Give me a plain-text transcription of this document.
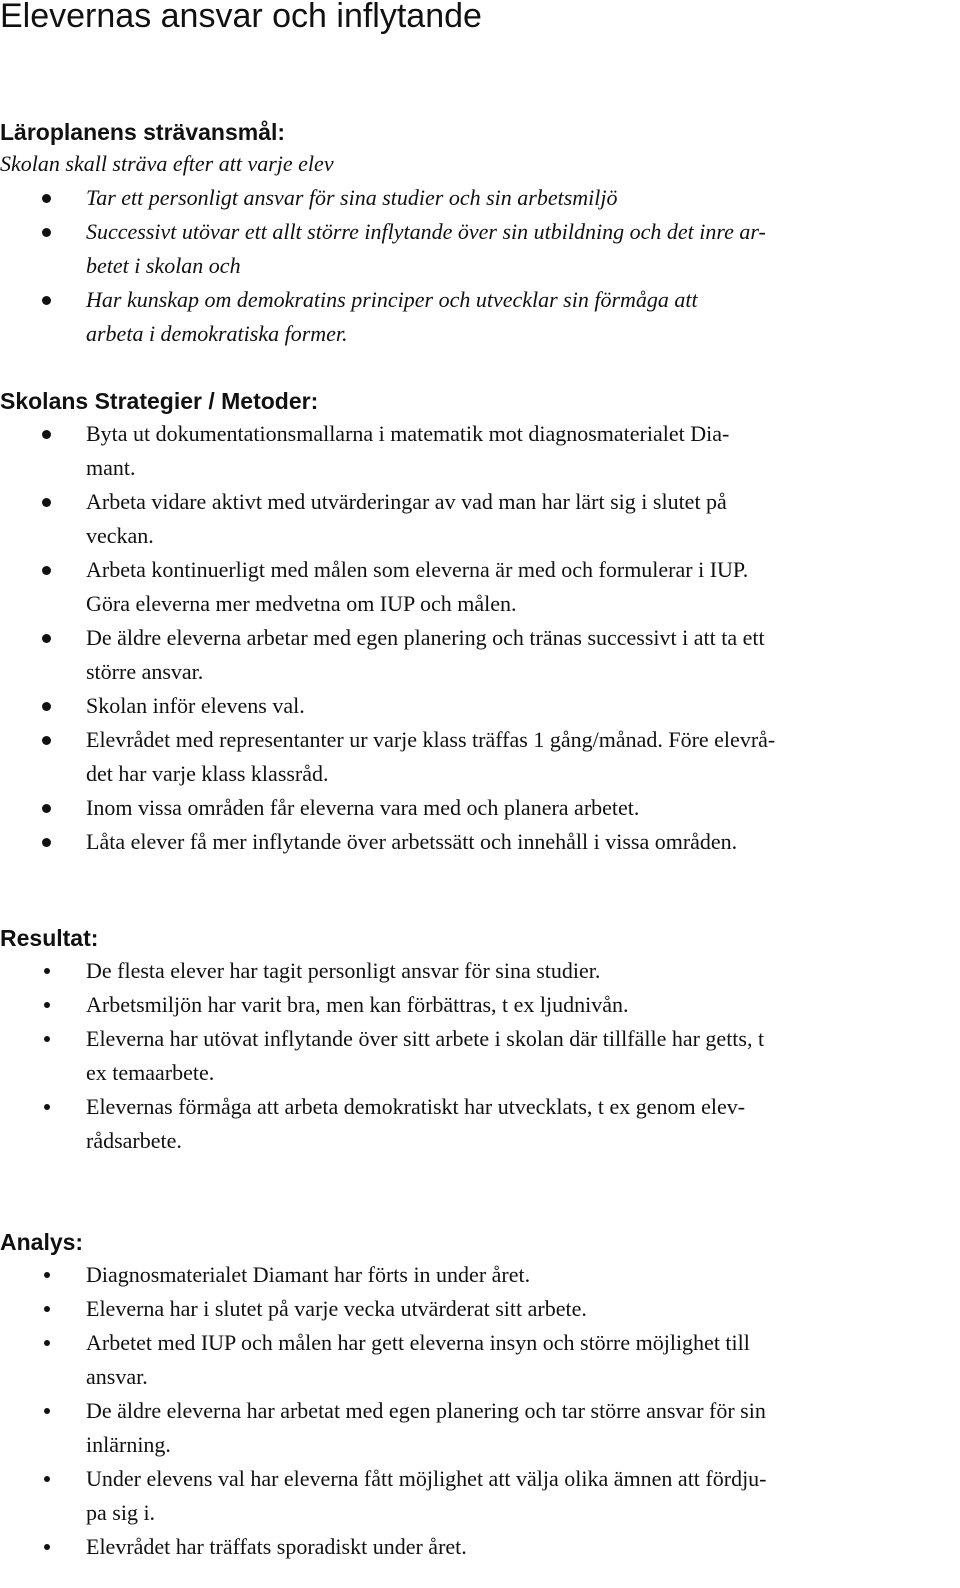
Elevernas ansvar och inflytande
Läroplanens strävansmål:
Skolan skall sträva efter att varje elev
Tar ett personligt ansvar för sina studier och sin arbetsmiljö
Successivt utövar ett allt större inflytande över sin utbildning och det inre ar-
betet i skolan och
Har kunskap om demokratins principer och utvecklar sin förmåga att
arbeta i demokratiska former.
Skolans Strategier / Metoder:
Byta ut dokumentationsmallarna i matematik mot diagnosmaterialet Dia-
mant.
Arbeta vidare aktivt med utvärderingar av vad man har lärt sig i slutet på
veckan.
Arbeta kontinuerligt med målen som eleverna är med och formulerar i IUP.
Göra eleverna mer medvetna om IUP och målen.
De äldre eleverna arbetar med egen planering och tränas successivt i att ta ett
större ansvar.
Skolan inför elevens val.
Elevrådet med representanter ur varje klass träffas 1 gång/månad. Före elevrå-
det har varje klass klassråd.
Inom vissa områden får eleverna vara med och planera arbetet.
Låta elever få mer inflytande över arbetssätt och innehåll i vissa områden.
Resultat:
De flesta elever har tagit personligt ansvar för sina studier.
Arbetsmiljön har varit bra, men kan förbättras, t ex ljudnivån.
Eleverna har utövat inflytande över sitt arbete i skolan där tillfälle har getts, t
ex temaarbete.
Elevernas förmåga att arbeta demokratiskt har utvecklats, t ex genom elev-
rådsarbete.
Analys:
Diagnosmaterialet Diamant har förts in under året.
Eleverna har i slutet på varje vecka utvärderat sitt arbete.
Arbetet med IUP och målen har gett eleverna insyn och större möjlighet till
ansvar.
De äldre eleverna har arbetat med egen planering och tar större ansvar för sin
inlärning.
Under elevens val har eleverna fått möjlighet att välja olika ämnen att fördju-
pa sig i.
Elevrådet har träffats sporadiskt under året.
